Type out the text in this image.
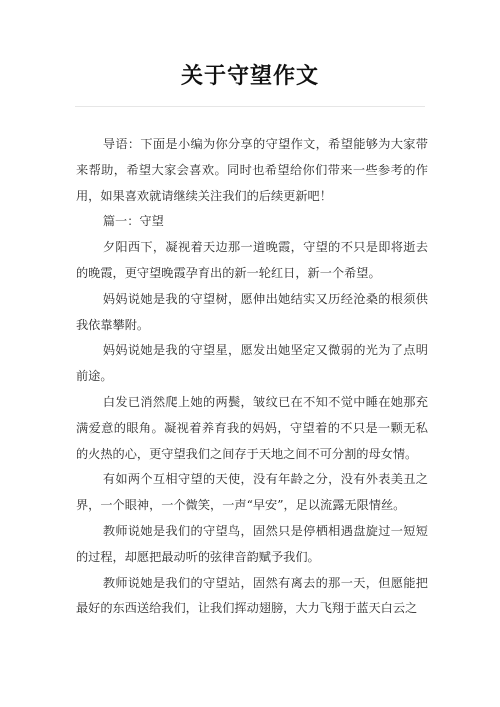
关于守望作文

导语：下面是小编为你分享的守望作文，希望能够为大家带来帮助，希望大家会喜欢。同时也希望给你们带来一些参考的作用，如果喜欢就请继续关注我们的后续更新吧！

篇一：守望

夕阳西下，凝视着天边那一道晚霞，守望的不只是即将逝去的晚霞，更守望晚霞孕育出的新一轮红日，新一个希望。

妈妈说她是我的守望树，愿伸出她结实又历经沧桑的根须供我依靠攀附。

妈妈说她是我的守望星，愿发出她坚定又微弱的光为了点明前途。

白发已消然爬上她的两鬓，皱纹已在不知不觉中睡在她那充满爱意的眼角。凝视着养育我的妈妈，守望着的不只是一颗无私的火热的心，更守望我们之间存于天地之间不可分割的母女情。

有如两个互相守望的天使，没有年龄之分，没有外表美丑之界，一个眼神，一个微笑，一声“早安”，足以流露无限情丝。

教师说她是我们的守望鸟，固然只是停栖相遇盘旋过一短短的过程，却愿把最动听的弦律音韵赋予我们。

教师说她是我们的守望站，固然有离去的那一天，但愿能把最好的东西送给我们，让我们挥动翅膀，大力飞翔于蓝天白云之
